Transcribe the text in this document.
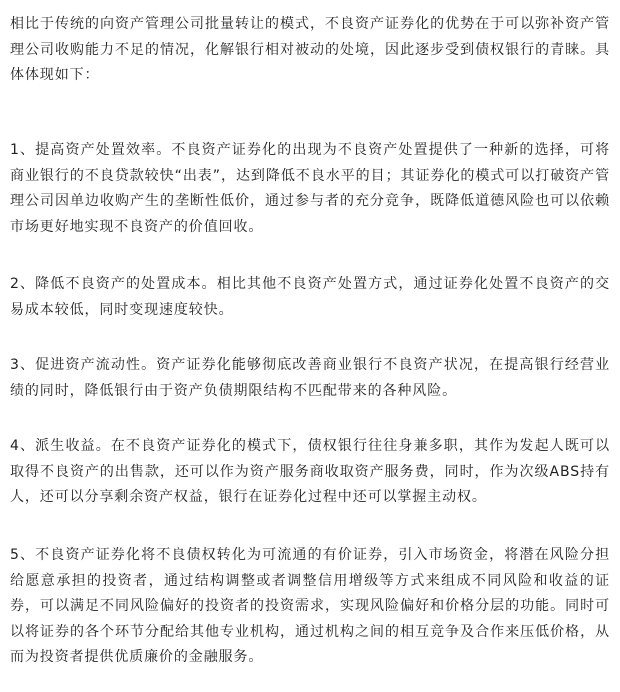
相比于传统的向资产管理公司批量转让的模式，不良资产证券化的优势在于可以弥补资产管理公司收购能力不足的情况，化解银行相对被动的处境，因此逐步受到债权银行的青睐。具体体现如下：

1、提高资产处置效率。不良资产证券化的出现为不良资产处置提供了一种新的选择，可将商业银行的不良贷款较快“出表”，达到降低不良水平的目；其证券化的模式可以打破资产管理公司因单边收购产生的垄断性低价，通过参与者的充分竞争，既降低道德风险也可以依赖市场更好地实现不良资产的价值回收。

2、降低不良资产的处置成本。相比其他不良资产处置方式，通过证券化处置不良资产的交易成本较低，同时变现速度较快。

3、促进资产流动性。资产证券化能够彻底改善商业银行不良资产状况，在提高银行经营业绩的同时，降低银行由于资产负债期限结构不匹配带来的各种风险。

4、派生收益。在不良资产证券化的模式下，债权银行往往身兼多职，其作为发起人既可以取得不良资产的出售款，还可以作为资产服务商收取资产服务费，同时，作为次级ABS持有人，还可以分享剩余资产权益，银行在证券化过程中还可以掌握主动权。

5、不良资产证券化将不良债权转化为可流通的有价证券，引入市场资金，将潜在风险分担给愿意承担的投资者，通过结构调整或者调整信用增级等方式来组成不同风险和收益的证券，可以满足不同风险偏好的投资者的投资需求，实现风险偏好和价格分层的功能。同时可以将证券的各个环节分配给其他专业机构，通过机构之间的相互竞争及合作来压低价格，从而为投资者提供优质廉价的金融服务。
